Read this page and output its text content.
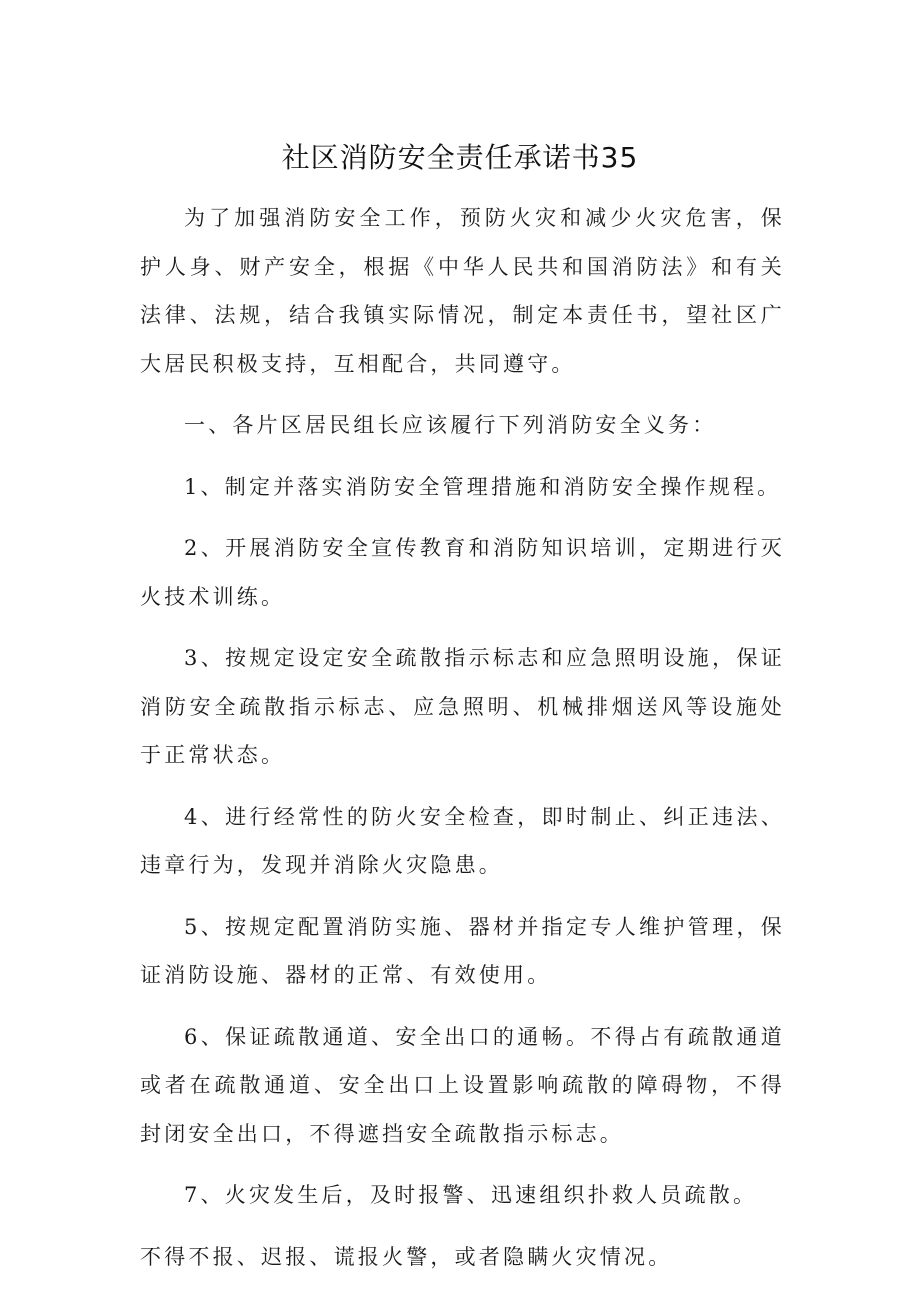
社区消防安全责任承诺书35

为了加强消防安全工作，预防火灾和减少火灾危害，保护人身、财产安全，根据《中华人民共和国消防法》和有关法律、法规，结合我镇实际情况，制定本责任书，望社区广大居民积极支持，互相配合，共同遵守。

一、各片区居民组长应该履行下列消防安全义务：

1、制定并落实消防安全管理措施和消防安全操作规程。

2、开展消防安全宣传教育和消防知识培训，定期进行灭火技术训练。

3、按规定设定安全疏散指示标志和应急照明设施，保证消防安全疏散指示标志、应急照明、机械排烟送风等设施处于正常状态。

4、进行经常性的防火安全检查，即时制止、纠正违法、违章行为，发现并消除火灾隐患。

5、按规定配置消防实施、器材并指定专人维护管理，保证消防设施、器材的正常、有效使用。

6、保证疏散通道、安全出口的通畅。不得占有疏散通道或者在疏散通道、安全出口上设置影响疏散的障碍物，不得封闭安全出口，不得遮挡安全疏散指示标志。

7、火灾发生后，及时报警、迅速组织扑救人员疏散。

不得不报、迟报、谎报火警，或者隐瞒火灾情况。
